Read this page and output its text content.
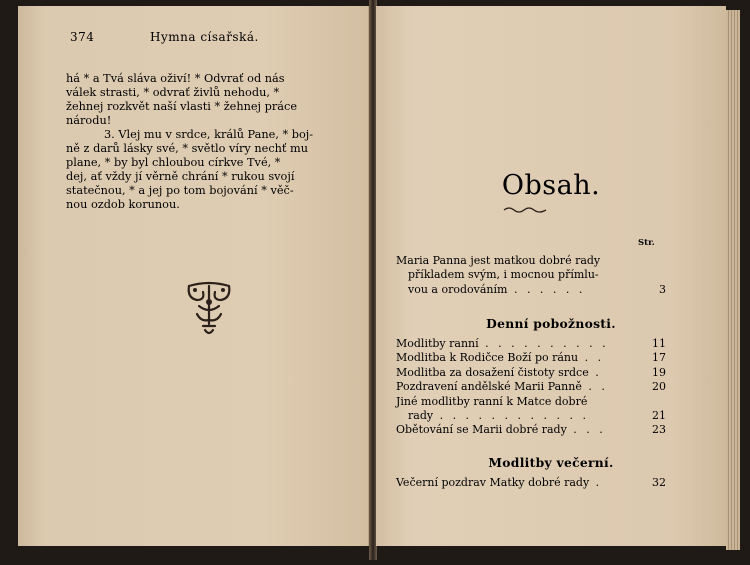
374	Hymna císařská.
há * a Tvá sláva oživí! * Odvrať od nás
válek strasti, * odvrať živlů nehodu, *
žehnej rozkvět naší vlasti * žehnej práce
národu!
3. Vlej mu v srdce, králů Pane, * boj-
ně z darů lásky své, * světlo víry nechť mu
plane, * by byl chloubou církve Tvé, *
dej, ať vždy jí věrně chrání * rukou svojí
statečnou, * a jej po tom bojování * věč-
nou ozdob korunou.
Obsah.
Str.
Maria Panna jest matkou dobré rady
příkladem svým, i mocnou přímlu-
vou a orodováním . . . . . .	3
Denní pobožnosti.
Modlitby ranní . . . . . . . . . .	11
Modlitba k Rodičce Boží po ránu . .	17
Modlitba za dosažení čistoty srdce .	19
Pozdravení andělské Marii Panně . .	20
Jiné modlitby ranní k Matce dobré
rady . . . . . . . . . . . .	21
Obětování se Marii dobré rady . . .	23
Modlitby večerní.
Večerní pozdrav Matky dobré rady .	32
